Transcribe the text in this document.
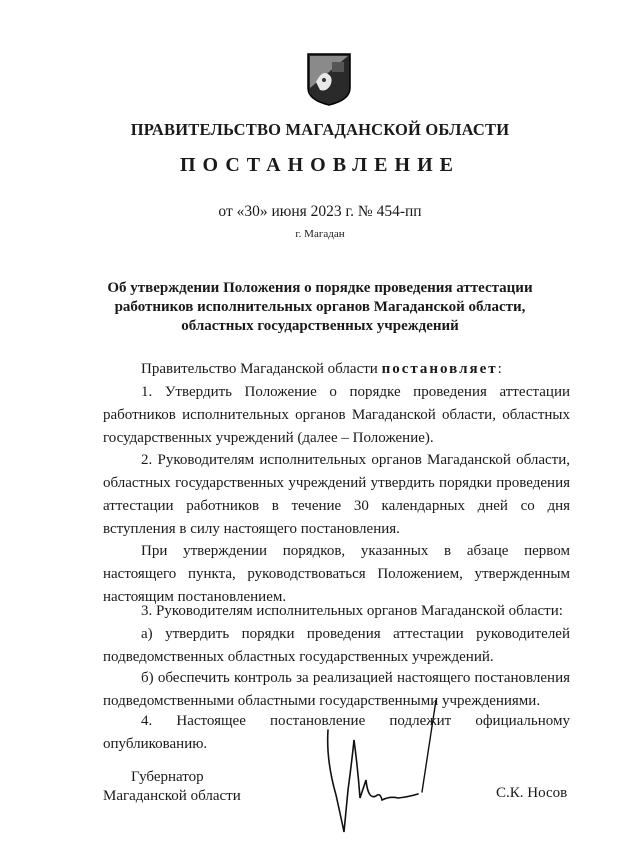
ПРАВИТЕЛЬСТВО МАГАДАНСКОЙ ОБЛАСТИ
ПОСТАНОВЛЕНИЕ
от «30» июня 2023 г. № 454-пп
г. Магадан
Об утверждении Положения о порядке проведения аттестации
работников исполнительных органов Магаданской области,
областных государственных учреждений
Правительство Магаданской области постановляет:
1. Утвердить Положение о порядке проведения аттестации работников исполнительных органов Магаданской области, областных государственных учреждений (далее – Положение).
2. Руководителям исполнительных органов Магаданской области, областных государственных учреждений утвердить порядки проведения аттестации работников в течение 30 календарных дней со дня вступления в силу настоящего постановления.
При утверждении порядков, указанных в абзаце первом настоящего пункта, руководствоваться Положением, утвержденным настоящим постановлением.
3. Руководителям исполнительных органов Магаданской области:
а) утвердить порядки проведения аттестации руководителей подведомственных областных государственных учреждений.
б) обеспечить контроль за реализацией настоящего постановления подведомственными областными государственными учреждениями.
4. Настоящее постановление подлежит официальному опубликованию.
Губернатор
Магаданской области	С.К. Носов
